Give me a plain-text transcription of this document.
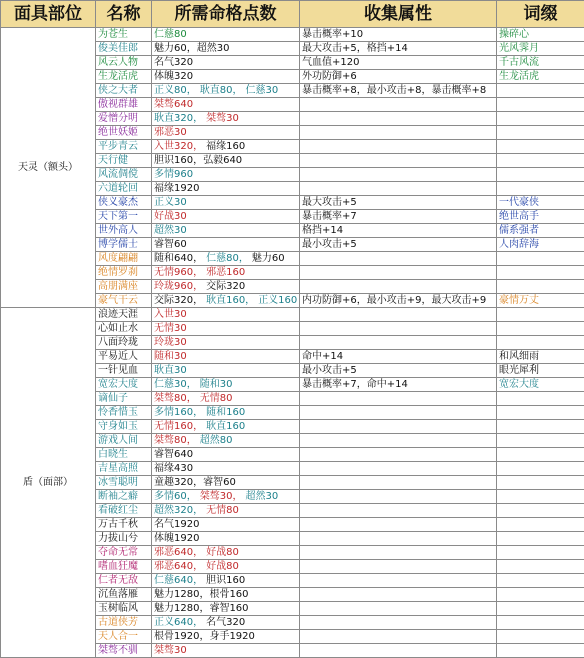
面具部位	名称	所需命格点数	收集属性	词缀
天灵（额头）	为苍生	仁慈80	暴击概率+10	操碎心
	俊美佳郎	魅力60，超然30	最大攻击+5，格挡+14	光风霁月
	风云人物	名气320	气血值+120	千古风流
	生龙活虎	体魄320	外功防御+6	生龙活虎
	侠之大者	正义80， 耿直80， 仁慈30	暴击概率+8，最小攻击+8，暴击概率+8	
	傲视群雄	桀骜640		
	爱憎分明	耿直320， 桀骜30		
	绝世妖姬	邪恶30		
	平步青云	入世320， 福缘160		
	天行健	胆识160，弘毅640		
	风流倜傥	多情960		
	六道轮回	福缘1920		
	侠义豪杰	正义30	最大攻击+5	一代豪侠
	天下第一	好战30	暴击概率+7	绝世高手
	世外高人	超然30	格挡+14	儒系强者
	博学儒士	睿智60	最小攻击+5	人肉辞海
	风度翩翩	随和640， 仁慈80， 魅力60		
	绝情罗刹	无情960， 邪恶160		
	高朋满座	玲珑960， 交际320		
	豪气干云	交际320， 耿直160， 正义160	内功防御+6，最小攻击+9，最大攻击+9	豪情万丈
盾（面部）	浪迹天涯	入世30		
	心如止水	无情30		
	八面玲珑	玲珑30		
	平易近人	随和30	命中+14	和风细雨
	一针见血	耿直30	最小攻击+5	眼光犀利
	宽宏大度	仁慈30， 随和30	暴击概率+7，命中+14	宽宏大度
	谪仙子	桀骜80， 无情80		
	怜香惜玉	多情160， 随和160		
	守身如玉	无情160， 耿直160		
	游戏人间	桀骜80， 超然80		
	白晓生	睿智640		
	吉星高照	福缘430		
	冰雪聪明	童趣320，睿智60		
	断袖之癖	多情60， 桀骜30， 超然30		
	看破红尘	超然320， 无情80		
	万古千秋	名气1920		
	力拔山兮	体魄1920		
	夺命无常	邪恶640， 好战80		
	嗜血狂魔	邪恶640， 好战80		
	仁者无敌	仁慈640， 胆识160		
	沉鱼落雁	魅力1280，根骨160		
	玉树临风	魅力1280，睿智160		
	古道侠芳	正义640， 名气320		
	天人合一	根骨1920，身手1920		
	桀骜不驯	桀骜30		
